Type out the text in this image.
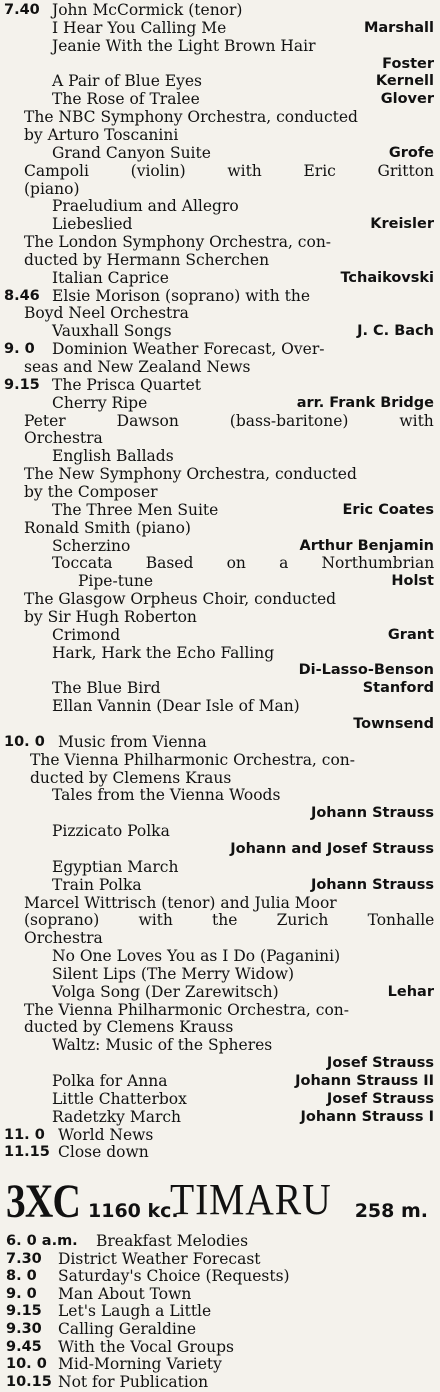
7.40 John McCormick (tenor)
I Hear You Calling Me	Marshall
Jeanie With the Light Brown Hair
Foster
A Pair of Blue Eyes	Kernell
The Rose of Tralee	Glover
The NBC Symphony Orchestra, conducted
by Arturo Toscanini
Grand Canyon Suite	Grofe
Campoli (violin) with Eric Gritton
(piano)
Praeludium and Allegro
Liebeslied	Kreisler
The London Symphony Orchestra, con-
ducted by Hermann Scherchen
Italian Caprice	Tchaikovski
8.46 Elsie Morison (soprano) with the
Boyd Neel Orchestra
Vauxhall Songs	J. C. Bach
9. 0 Dominion Weather Forecast, Over-
seas and New Zealand News
9.15 The Prisca Quartet
Cherry Ripe	arr. Frank Bridge
Peter Dawson (bass-baritone) with
Orchestra
English Ballads
The New Symphony Orchestra, conducted
by the Composer
The Three Men Suite	Eric Coates
Ronald Smith (piano)
Scherzino	Arthur Benjamin
Toccata Based on a Northumbrian
Pipe-tune	Holst
The Glasgow Orpheus Choir, conducted
by Sir Hugh Roberton
Crimond	Grant
Hark, Hark the Echo Falling
Di-Lasso-Benson
The Blue Bird	Stanford
Ellan Vannin (Dear Isle of Man)
Townsend
10. 0 Music from Vienna
The Vienna Philharmonic Orchestra, con-
ducted by Clemens Kraus
Tales from the Vienna Woods
Johann Strauss
Pizzicato Polka
Johann and Josef Strauss
Egyptian March
Train Polka	Johann Strauss
Marcel Wittrisch (tenor) and Julia Moor
(soprano) with the Zurich Tonhalle
Orchestra
No One Loves You as I Do (Paganini)
Silent Lips (The Merry Widow)
Volga Song (Der Zarewitsch)	Lehar
The Vienna Philharmonic Orchestra, con-
ducted by Clemens Krauss
Waltz: Music of the Spheres
Josef Strauss
Polka for Anna	Johann Strauss II
Little Chatterbox	Josef Strauss
Radetzky March	Johann Strauss I
11. 0 World News
11.15 Close down
3XC 1160 kc.
TIMARU 258 m.
6. 0 a.m. Breakfast Melodies
7.30 District Weather Forecast
8. 0 Saturday's Choice (Requests)
9. 0 Man About Town
9.15 Let's Laugh a Little
9.30 Calling Geraldine
9.45 With the Vocal Groups
10. 0 Mid-Morning Variety
10.15 Not for Publication
